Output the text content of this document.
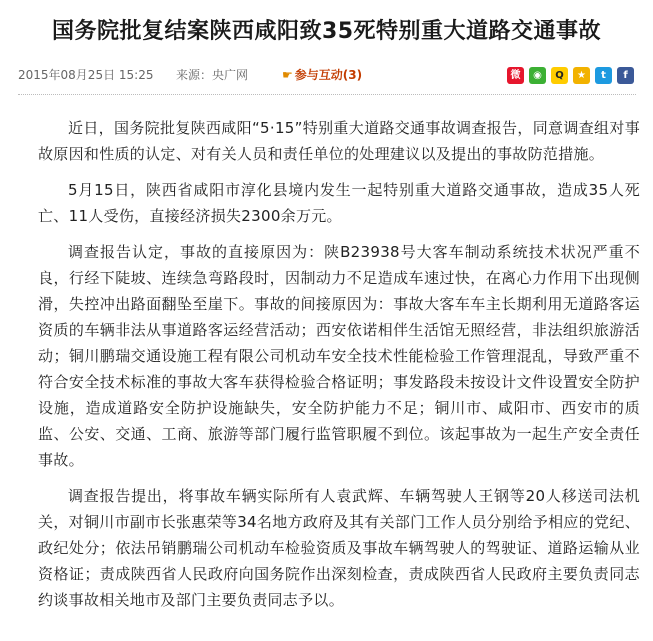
国务院批复结案陕西咸阳致35死特别重大道路交通事故
2015年08月25日 15:25 来源：央广网	☛ 参与互动(3)	微	◉	Q	★	t	f

近日，国务院批复陕西咸阳“5·15”特别重大道路交通事故调查报告，同意调查组对事故原因和性质的认定、对有关人员和责任单位的处理建议以及提出的事故防范措施。

5月15日，陕西省咸阳市淳化县境内发生一起特别重大道路交通事故，造成35人死亡、11人受伤，直接经济损失2300余万元。

调查报告认定，事故的直接原因为：陕B23938号大客车制动系统技术状况严重不良，行经下陡坡、连续急弯路段时，因制动力不足造成车速过快，在离心力作用下出现侧滑，失控冲出路面翻坠至崖下。事故的间接原因为：事故大客车车主长期利用无道路客运资质的车辆非法从事道路客运经营活动；西安依诺相伴生活馆无照经营，非法组织旅游活动；铜川鹏瑞交通设施工程有限公司机动车安全技术性能检验工作管理混乱，导致严重不符合安全技术标准的事故大客车获得检验合格证明；事发路段未按设计文件设置安全防护设施，造成道路安全防护设施缺失，安全防护能力不足；铜川市、咸阳市、西安市的质监、公安、交通、工商、旅游等部门履行监管职履不到位。该起事故为一起生产安全责任事故。

调查报告提出，将事故车辆实际所有人袁武辉、车辆驾驶人王钢等20人移送司法机关，对铜川市副市长张惠荣等34名地方政府及其有关部门工作人员分别给予相应的党纪、政纪处分；依法吊销鹏瑞公司机动车检验资质及事故车辆驾驶人的驾驶证、道路运输从业资格证；责成陕西省人民政府向国务院作出深刻检查，责成陕西省人民政府主要负责同志约谈事故相关地市及部门主要负责同志予以。
